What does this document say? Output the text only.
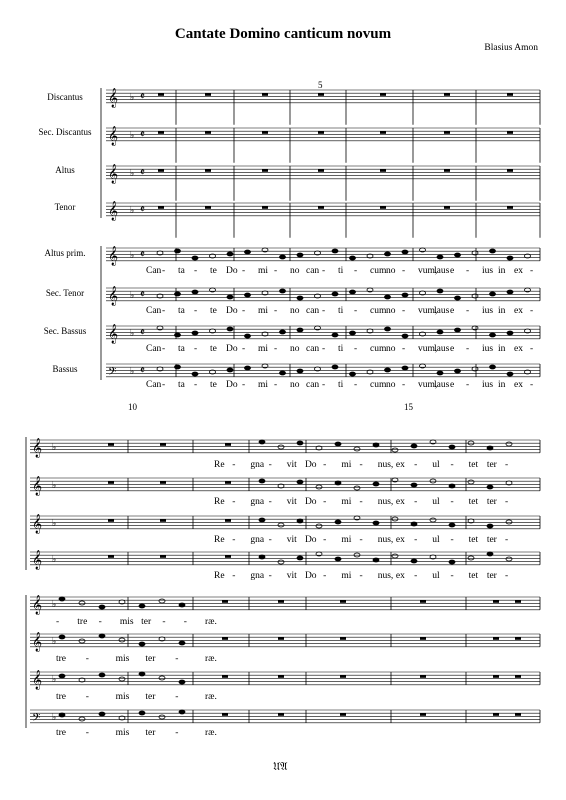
Cantate Domino canticum novum
Blasius Amon
Discantus
Sec. Discantus
Altus
Tenor
Altus prim.
Sec. Tenor
Sec. Bassus
Bassus
5
10	15
𝄞 ♭ 𝄵
𝄞 ♭ 𝄵
𝄞 ♭ 𝄵
𝄞 ♭ 𝄵
𝄞 ♭ 𝄵
𝄞 ♭ 𝄵
𝄞 ♭ 𝄵
𝄢 ♭ 𝄵
𝄞 ♭
𝄞 ♭
𝄞 ♭
𝄞 ♭
𝄞 ♭
𝄞 ♭
𝄞 ♭
𝄢 ♭
Can - ta - te Do - mi - no can - ti - cum no - vum,
laus e - ius in ex -
Can - ta - te Do - mi - no can - ti - cum no - vum,
laus e - ius in ex -
Can - ta - te Do - mi - no can - ti - cum no - vum,
laus e - ius in ex -
Can - ta - te Do - mi - no can - ti - cum no - vum,
laus e - ius in ex -
Re - gna - vit Do - mi - nus, ex - ul - tet ter -
Re - gna - vit Do - mi - nus, ex - ul - tet ter -
Re - gna - vit Do - mi - nus, ex - ul - tet ter -
Re - gna - vit Do - mi - nus, ex - ul - tet ter -
- tre - mis ter - - ræ.
tre -	mis ter -	ræ.
tre -	mis ter -	ræ.
tre -	mis ter -	ræ.
𝔘𝔄
